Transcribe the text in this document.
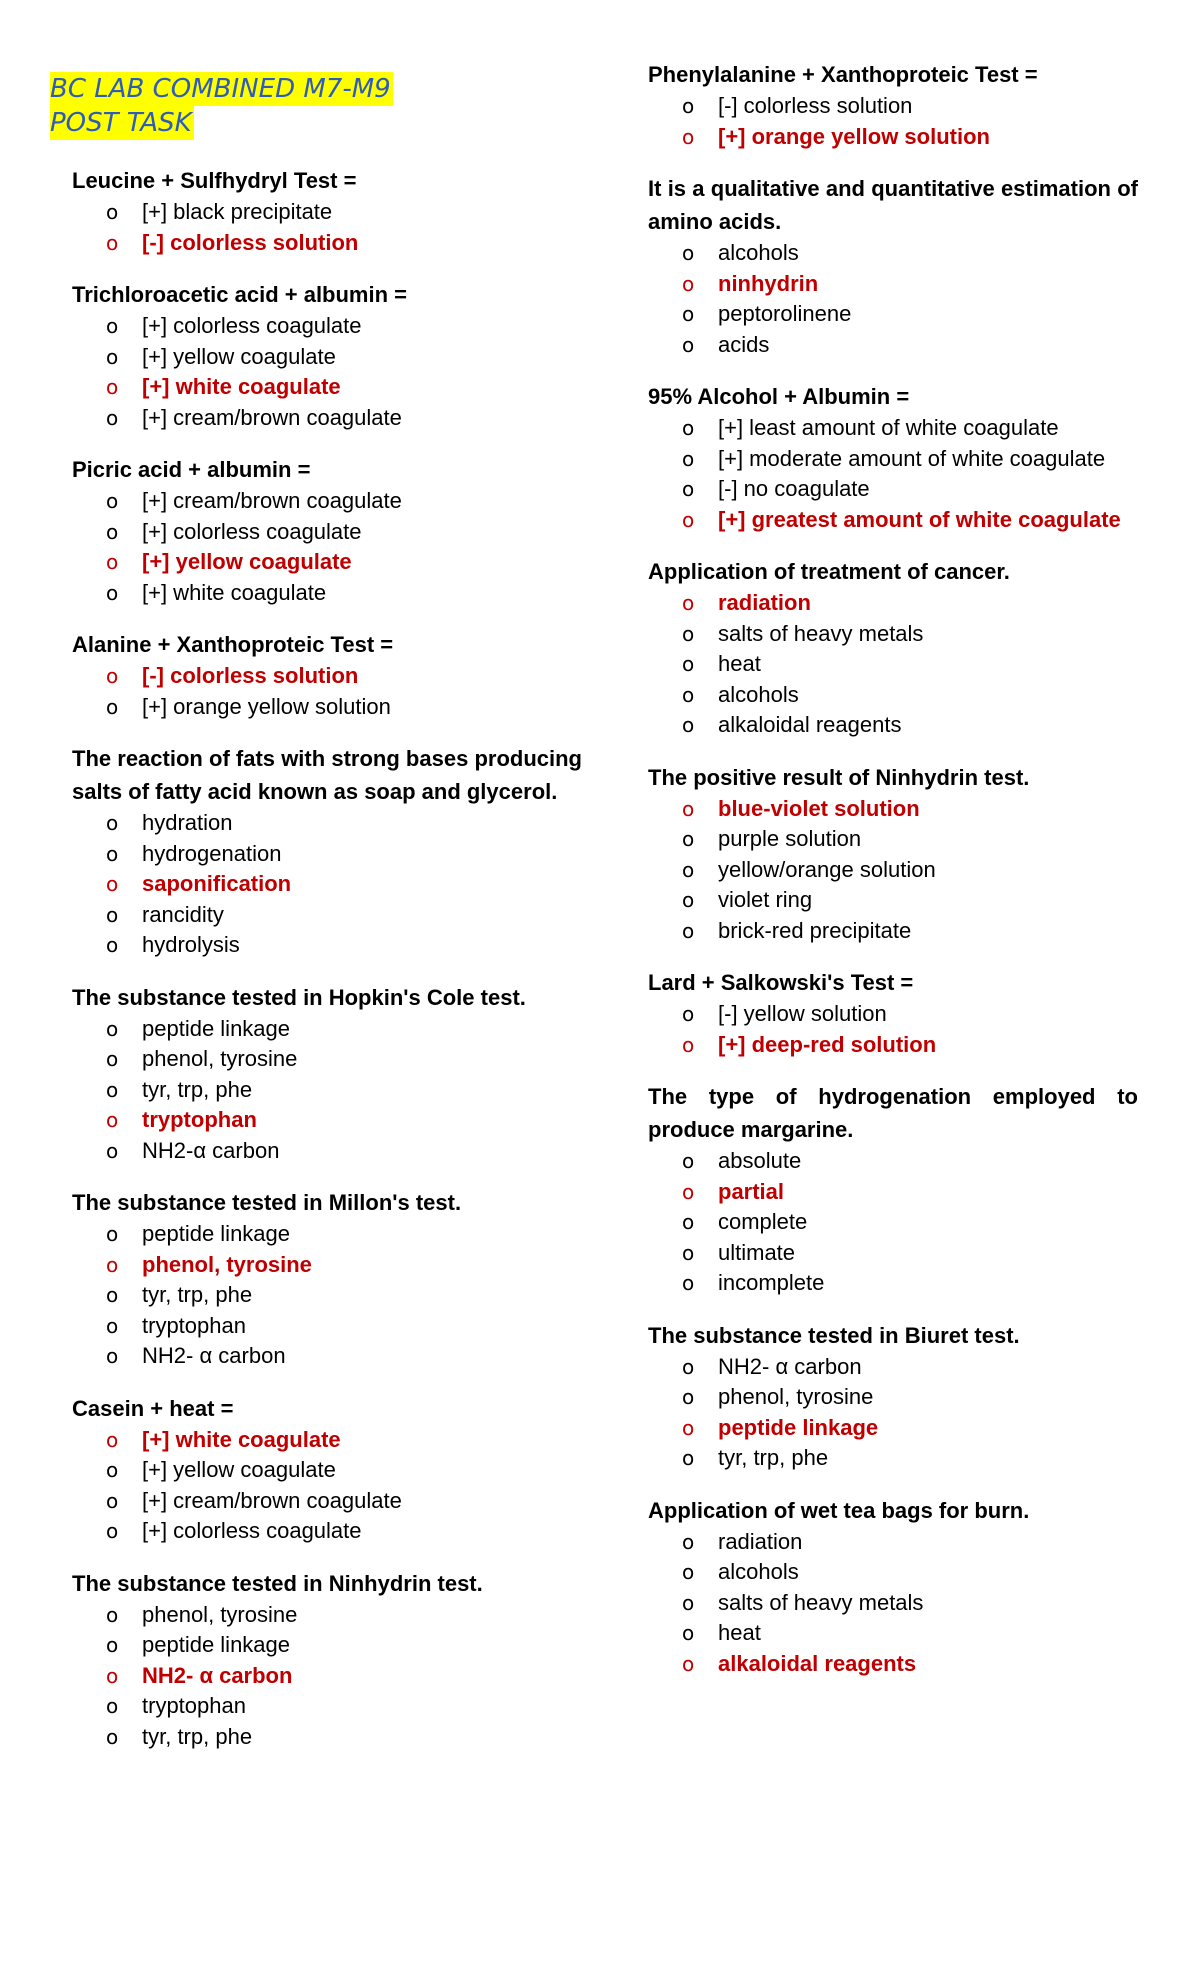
BC LAB COMBINED M7-M9
POST TASK
Leucine + Sulfhydryl Test =
o [+] black precipitate
o [-] colorless solution
Trichloroacetic acid + albumin =
o [+] colorless coagulate
o [+] yellow coagulate
o [+] white coagulate
o [+] cream/brown coagulate
Picric acid + albumin =
o [+] cream/brown coagulate
o [+] colorless coagulate
o [+] yellow coagulate
o [+] white coagulate
Alanine + Xanthoproteic Test =
o [-] colorless solution
o [+] orange yellow solution
The reaction of fats with strong bases producing salts of fatty acid known as soap and glycerol.
o hydration
o hydrogenation
o saponification
o rancidity
o hydrolysis
The substance tested in Hopkin's Cole test.
o peptide linkage
o phenol, tyrosine
o tyr, trp, phe
o tryptophan
o NH2-α carbon
The substance tested in Millon's test.
o peptide linkage
o phenol, tyrosine
o tyr, trp, phe
o tryptophan
o NH2- α carbon
Casein + heat =
o [+] white coagulate
o [+] yellow coagulate
o [+] cream/brown coagulate
o [+] colorless coagulate
The substance tested in Ninhydrin test.
o phenol, tyrosine
o peptide linkage
o NH2- α carbon
o tryptophan
o tyr, trp, phe
Phenylalanine + Xanthoproteic Test =
o [-] colorless solution
o [+] orange yellow solution
It is a qualitative and quantitative estimation of amino acids.
o alcohols
o ninhydrin
o peptorolinene
o acids
95% Alcohol + Albumin =
o [+] least amount of white coagulate
o [+] moderate amount of white coagulate
o [-] no coagulate
o [+] greatest amount of white coagulate
Application of treatment of cancer.
o radiation
o salts of heavy metals
o heat
o alcohols
o alkaloidal reagents
The positive result of Ninhydrin test.
o blue-violet solution
o purple solution
o yellow/orange solution
o violet ring
o brick-red precipitate
Lard + Salkowski's Test =
o [-] yellow solution
o [+] deep-red solution
The type of hydrogenation employed to produce margarine.
o absolute
o partial
o complete
o ultimate
o incomplete
The substance tested in Biuret test.
o NH2- α carbon
o phenol, tyrosine
o peptide linkage
o tyr, trp, phe
Application of wet tea bags for burn.
o radiation
o alcohols
o salts of heavy metals
o heat
o alkaloidal reagents
